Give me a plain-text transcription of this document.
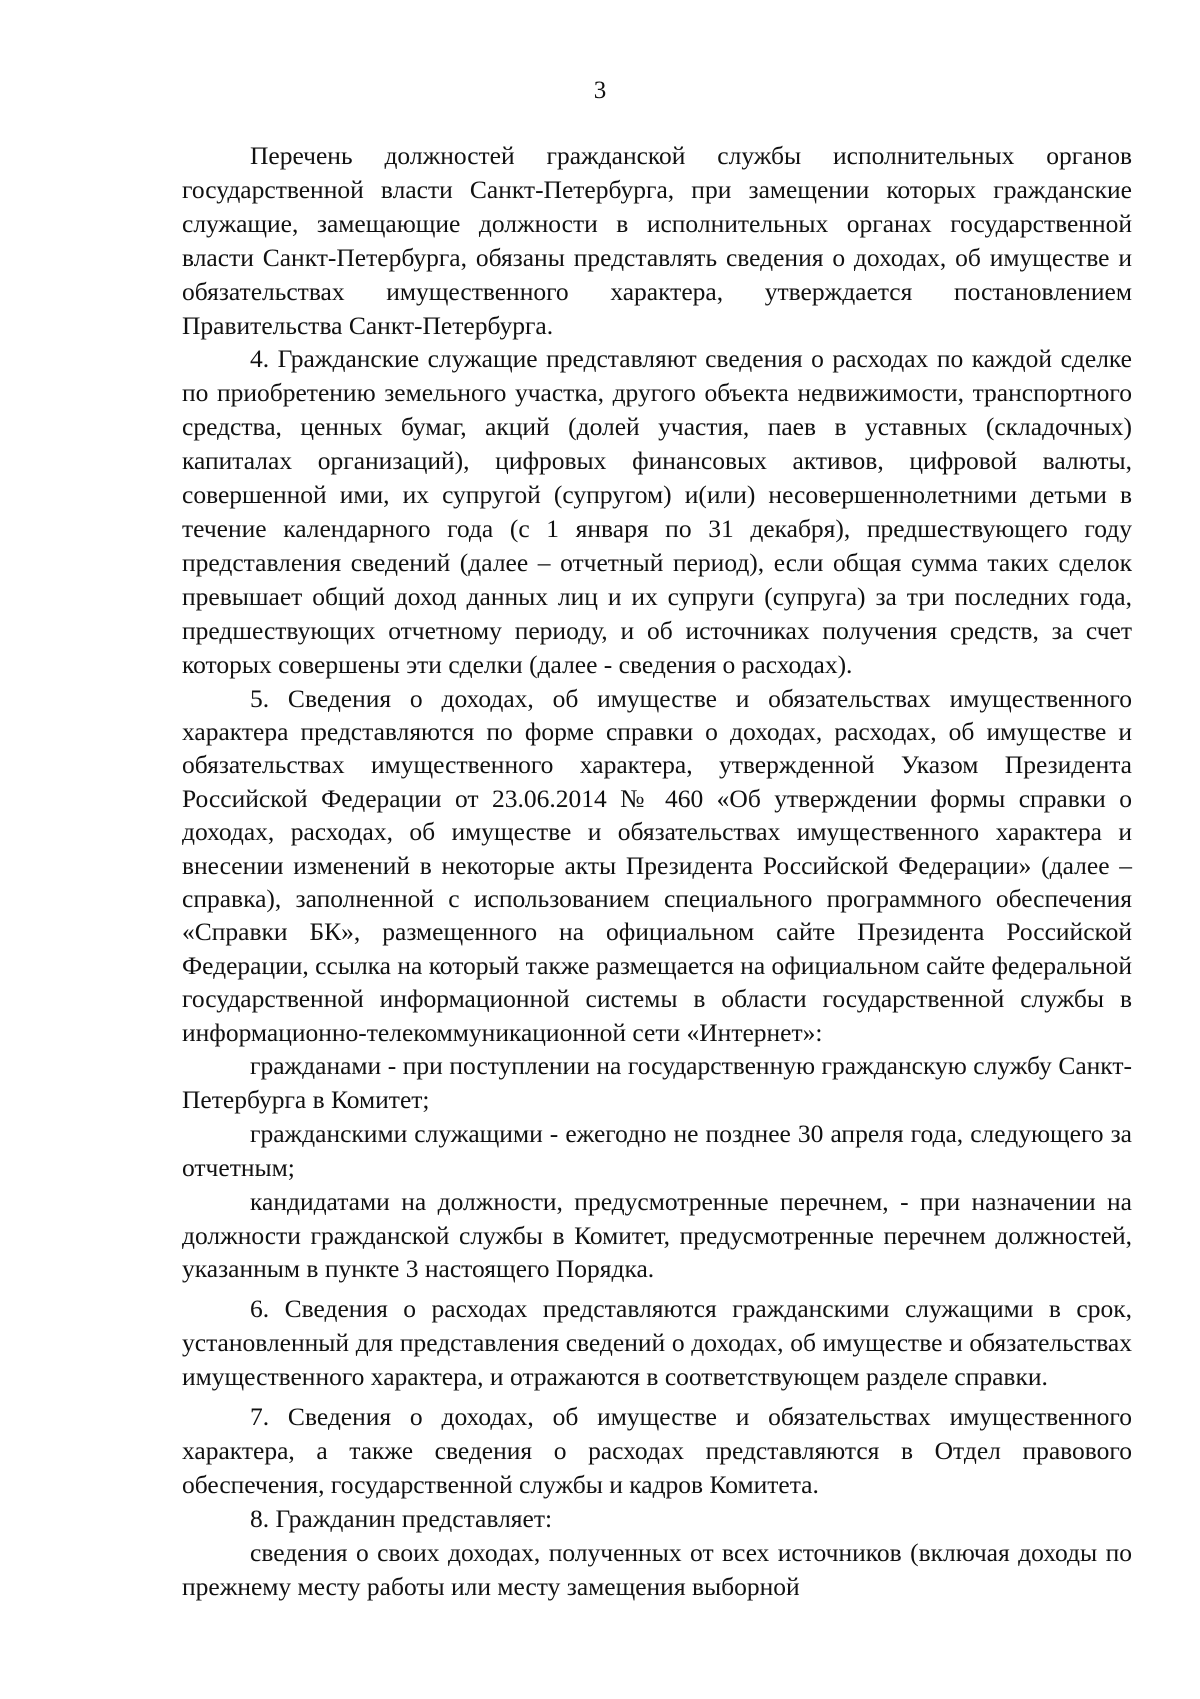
3

Перечень должностей гражданской службы исполнительных органов государственной власти Санкт-Петербурга, при замещении которых гражданские служащие, замещающие должности в исполнительных органах государственной власти Санкт-Петербурга, обязаны представлять сведения о доходах, об имуществе и обязательствах имущественного характера, утверждается постановлением Правительства Санкт-Петербурга.

4. Гражданские служащие представляют сведения о расходах по каждой сделке по приобретению земельного участка, другого объекта недвижимости, транспортного средства, ценных бумаг, акций (долей участия, паев в уставных (складочных) капиталах организаций), цифровых финансовых активов, цифровой валюты, совершенной ими, их супругой (супругом) и(или) несовершеннолетними детьми в течение календарного года (с 1 января по 31 декабря), предшествующего году представления сведений (далее – отчетный период), если общая сумма таких сделок превышает общий доход данных лиц и их супруги (супруга) за три последних года, предшествующих отчетному периоду, и об источниках получения средств, за счет которых совершены эти сделки (далее - сведения о расходах).

5. Сведения о доходах, об имуществе и обязательствах имущественного характера представляются по форме справки о доходах, расходах, об имуществе и обязательствах имущественного характера, утвержденной Указом Президента Российской Федерации от 23.06.2014 № 460 «Об утверждении формы справки о доходах, расходах, об имуществе и обязательствах имущественного характера и внесении изменений в некоторые акты Президента Российской Федерации» (далее – справка), заполненной с использованием специального программного обеспечения «Справки БК», размещенного на официальном сайте Президента Российской Федерации, ссылка на который также размещается на официальном сайте федеральной государственной информационной системы в области государственной службы в информационно-телекоммуникационной сети «Интернет»:

гражданами - при поступлении на государственную гражданскую службу Санкт-Петербурга в Комитет;

гражданскими служащими - ежегодно не позднее 30 апреля года, следующего за отчетным;

кандидатами на должности, предусмотренные перечнем, - при назначении на должности гражданской службы в Комитет, предусмотренные перечнем должностей, указанным в пункте 3 настоящего Порядка.

6. Сведения о расходах представляются гражданскими служащими в срок, установленный для представления сведений о доходах, об имуществе и обязательствах имущественного характера, и отражаются в соответствующем разделе справки.

7. Сведения о доходах, об имуществе и обязательствах имущественного характера, а также сведения о расходах представляются в Отдел правового обеспечения, государственной службы и кадров Комитета.

8. Гражданин представляет:

сведения о своих доходах, полученных от всех источников (включая доходы по прежнему месту работы или месту замещения выборной
